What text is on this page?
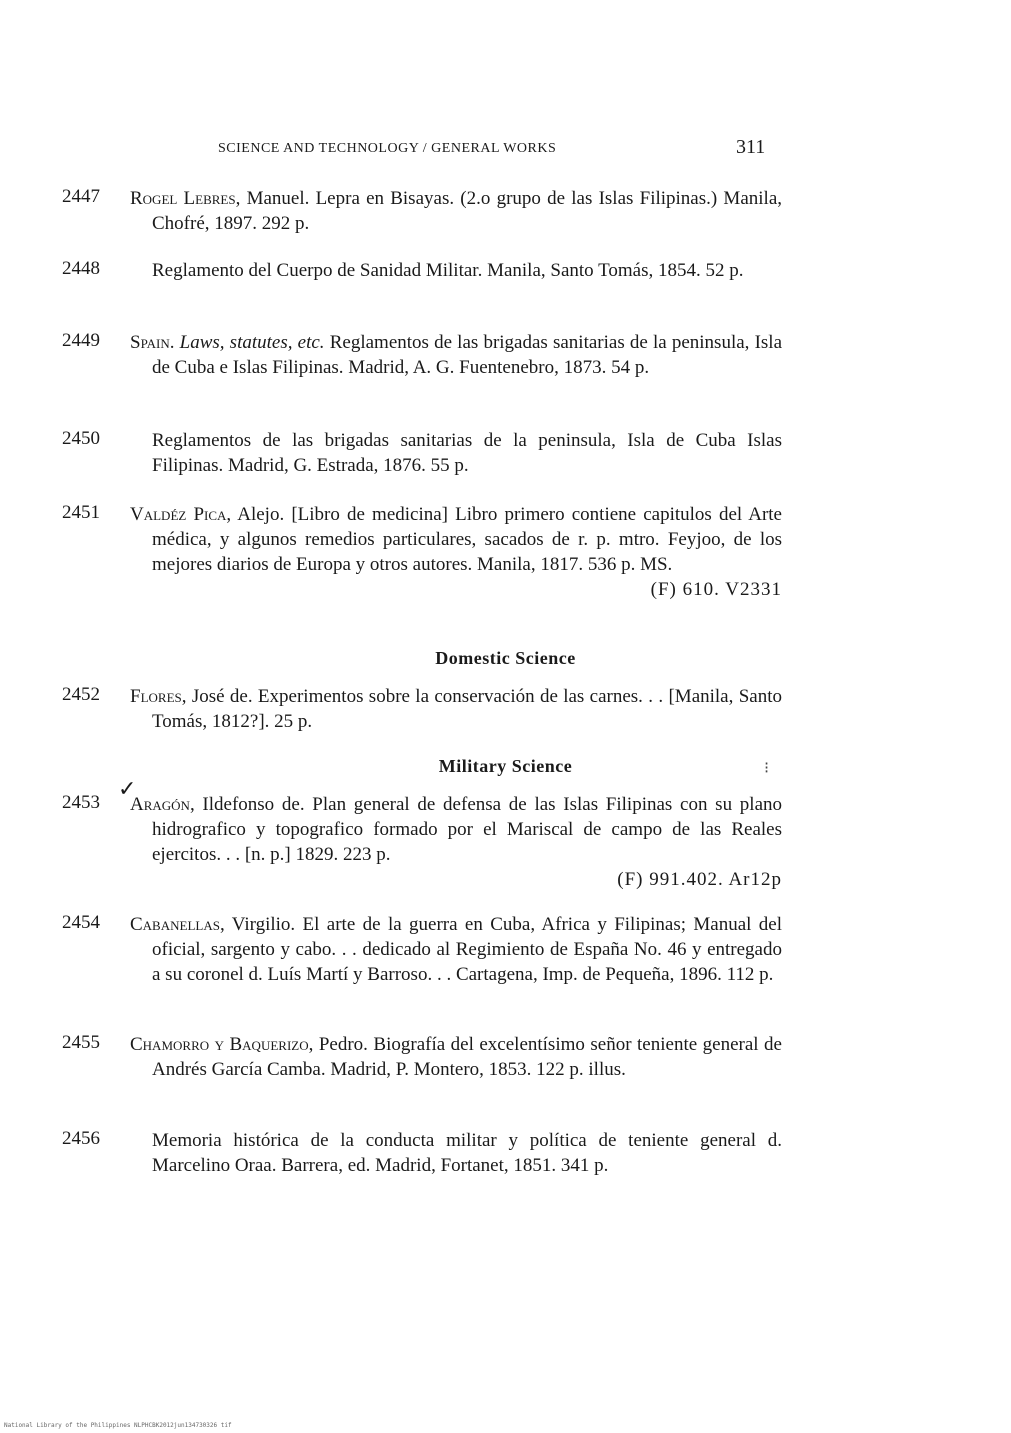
SCIENCE AND TECHNOLOGY / GENERAL WORKS	311
2447	Rogel Lebres, Manuel. Lepra en Bisayas. (2.o grupo de las Islas Filipinas.) Manila, Chofré, 1897. 292 p.
2448	Reglamento del Cuerpo de Sanidad Militar. Manila, Santo Tomás, 1854. 52 p.
2449	Spain. Laws, statutes, etc. Reglamentos de las brigadas sanitarias de la peninsula, Isla de Cuba e Islas Filipinas. Madrid, A. G. Fuentenebro, 1873. 54 p.
2450	Reglamentos de las brigadas sanitarias de la peninsula, Isla de Cuba Islas Filipinas. Madrid, G. Estrada, 1876. 55 p.
2451	Valdéz Pica, Alejo. [Libro de medicina] Libro primero contiene capitulos del Arte médica, y algunos remedios particulares, sacados de r. p. mtro. Feyjoo, de los mejores diarios de Europa y otros autores. Manila, 1817. 536 p. MS.
(F) 610. V2331
Domestic Science
2452	Flores, José de. Experimentos sobre la conservación de las carnes. . . [Manila, Santo Tomás, 1812?]. 25 p.
Military Science	⁝
✓
2453	Aragón, Ildefonso de. Plan general de defensa de las Islas Filipinas con su plano hidrografico y topografico formado por el Mariscal de campo de las Reales ejercitos. . . [n. p.] 1829. 223 p.
(F) 991.402. Ar12p
2454	Cabanellas, Virgilio. El arte de la guerra en Cuba, Africa y Filipinas; Manual del oficial, sargento y cabo. . . dedicado al Regimiento de España No. 46 y entregado a su coronel d. Luís Martí y Barroso. . . Cartagena, Imp. de Pequeña, 1896. 112 p.
2455	Chamorro y Baquerizo, Pedro. Biografía del excelentísimo señor teniente general de Andrés García Camba. Madrid, P. Montero, 1853. 122 p. illus.
2456	Memoria histórica de la conducta militar y política de teniente general d. Marcelino Oraa. Barrera, ed. Madrid, Fortanet, 1851. 341 p.
National Library of the Philippines NLPHCBK2012jun134730326 tif
